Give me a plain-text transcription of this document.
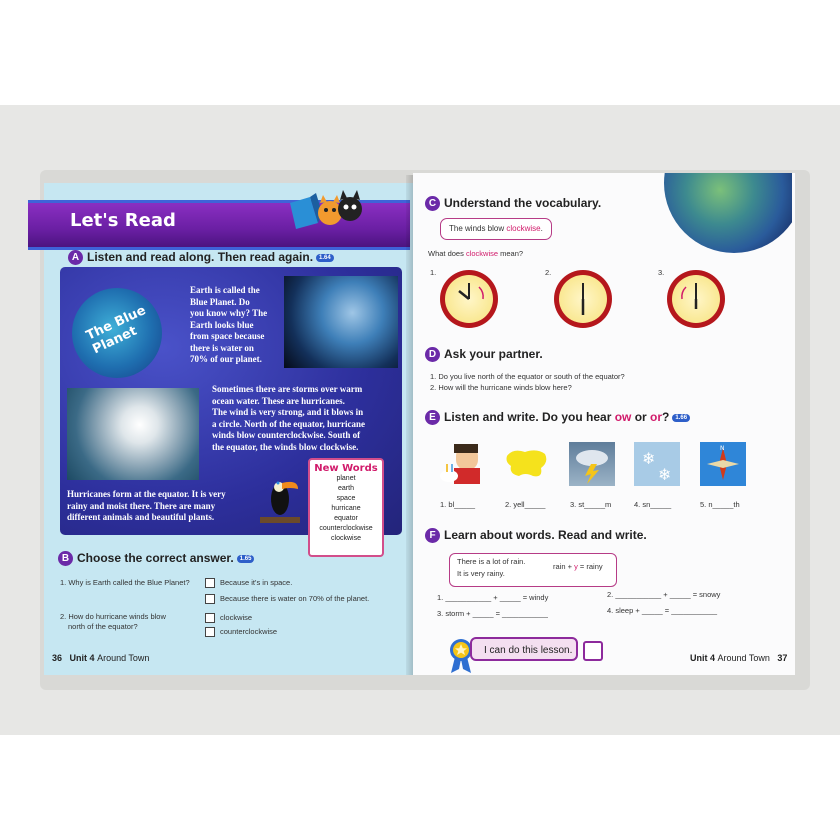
Let's Read
A Listen and read along. Then read again. 1.64
The Blue Planet
Earth is called the
Blue Planet. Do
you know why? The
Earth looks blue
from space because
there is water on
70% of our planet.
Sometimes there are storms over warm
ocean water. These are hurricanes.
The wind is very strong, and it blows in
a circle. North of the equator, hurricane
winds blow counterclockwise. South of
the equator, the winds blow clockwise.
Hurricanes form at the equator. It is very
rainy and moist there. There are many
different animals and beautiful plants.
New Words
planet
earth
space
hurricane
equator
counterclockwise
clockwise
B Choose the correct answer. 1.65
1. Why is Earth called the Blue Planet?	Because it's in space.
Because there is water on 70% of the planet.
2. How do hurricane winds blow
north of the equator?
clockwise
counterclockwise
36 Unit 4 Around Town
C Understand the vocabulary.
The winds blow clockwise.
What does clockwise mean?
1.	2.	3.
D Ask your partner.
1. Do you live north of the equator or south of the equator?
2. How will the hurricane winds blow here?
E Listen and write. Do you hear ow or or? 1.66
❄
❄
N
1. bl_____	2. yell_____	3. st_____m	4. sn_____	5. n_____th
F Learn about words. Read and write.
There is a lot of rain.
It is very rainy.
rain + y = rainy
1. ___________ + _____ = windy	2. ___________ + _____ = snowy
3. storm + _____ = ___________	4. sleep + _____ = ___________
I can do this lesson.
Unit 4 Around Town 37
